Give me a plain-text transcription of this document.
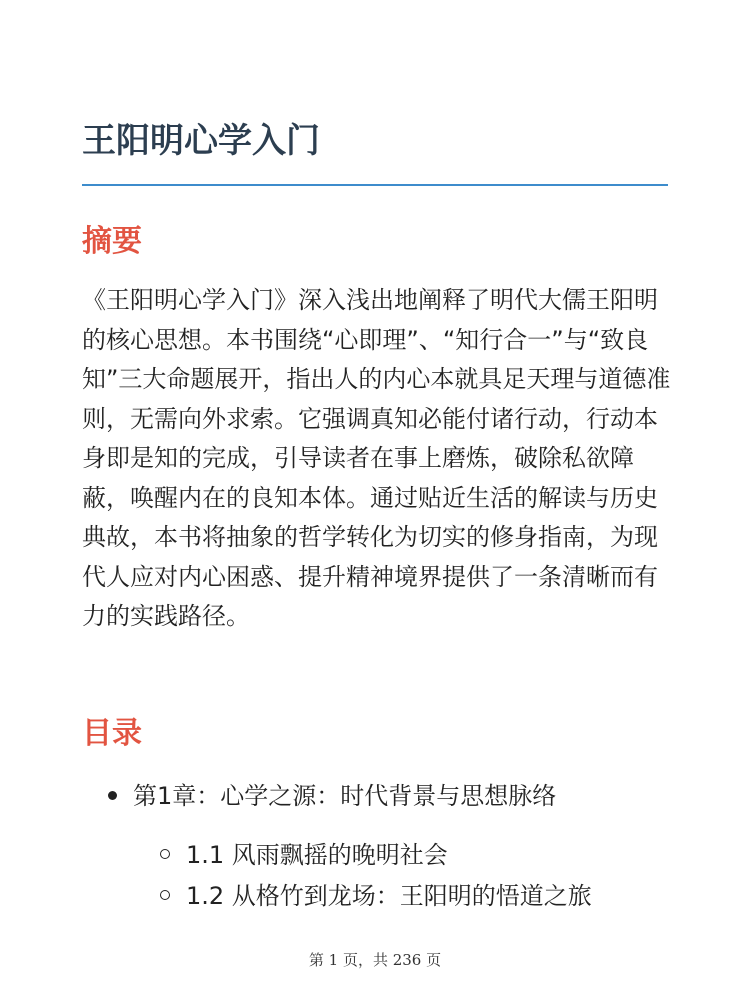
王阳明心学入门
摘要

《王阳明心学入门》深入浅出地阐释了明代大儒王阳明的核心思想。本书围绕“心即理”、“知行合一”与“致良知”三大命题展开，指出人的内心本就具足天理与道德准则，无需向外求索。它强调真知必能付诸行动，行动本身即是知的完成，引导读者在事上磨炼，破除私欲障蔽，唤醒内在的良知本体。通过贴近生活的解读与历史典故，本书将抽象的哲学转化为切实的修身指南，为现代人应对内心困惑、提升精神境界提供了一条清晰而有力的实践路径。

目录
第1章：心学之源：时代背景与思想脉络
1.1 风雨飘摇的晚明社会
1.2 从格竹到龙场：王阳明的悟道之旅
第 1 页，共 236 页
